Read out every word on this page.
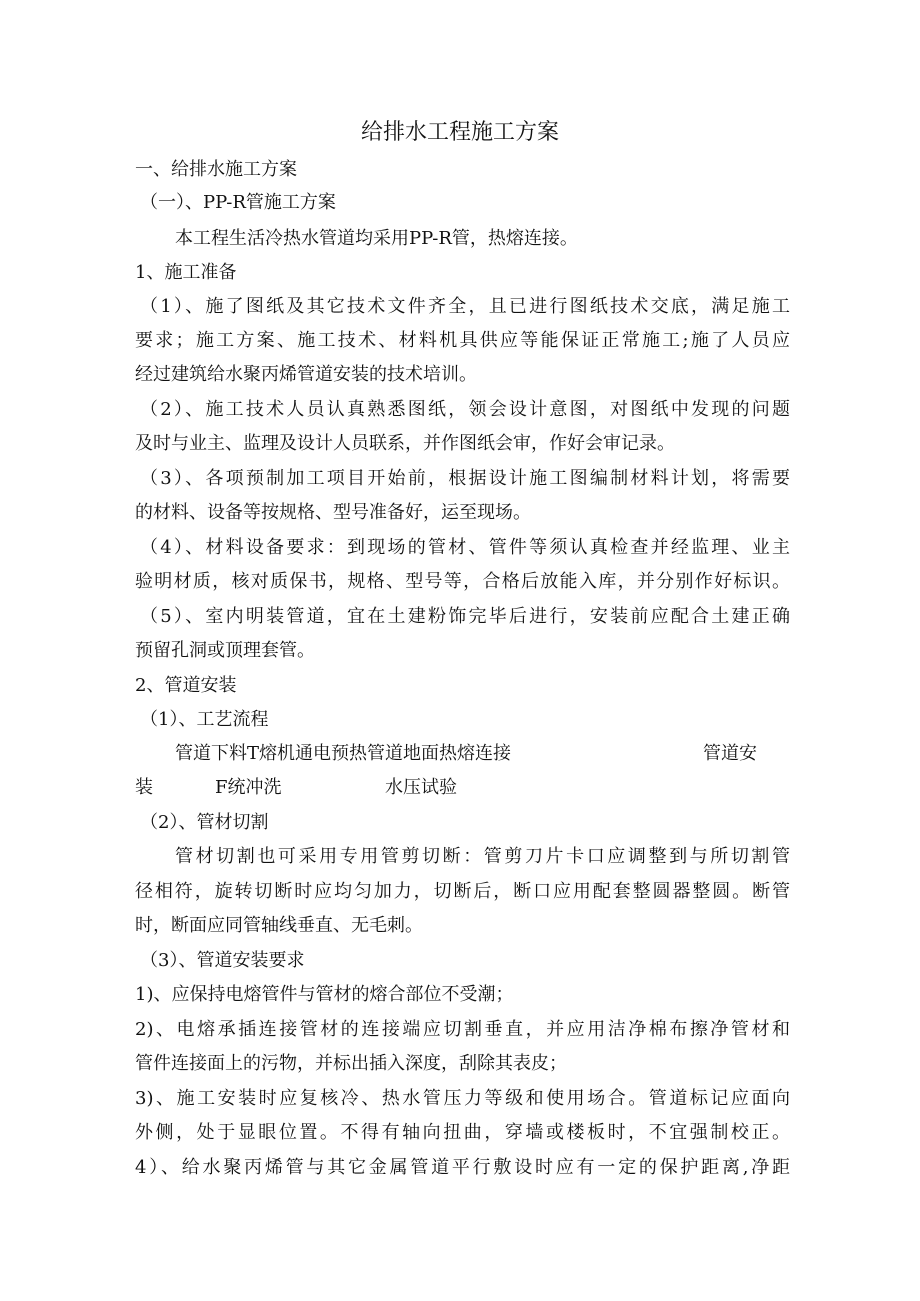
给排水工程施工方案
一、给排水施工方案
（一）、PP-R管施工方案
本工程生活冷热水管道均采用PP-R管，热熔连接。
1、施工准备
（1）、施了图纸及其它技术文件齐全，且已进行图纸技术交底，满足施工
要求；施工方案、施工技术、材料机具供应等能保证正常施工;施了人员应
经过建筑给水聚丙烯管道安装的技术培训。
（2）、施工技术人员认真熟悉图纸，领会设计意图，对图纸中发现的问题
及时与业主、监理及设计人员联系，并作图纸会审，作好会审记录。
（3）、各项预制加工项目开始前，根据设计施工图编制材料计划，将需要
的材料、设备等按规格、型号准备好，运至现场。
（4）、材料设备要求：到现场的管材、管件等须认真检查并经监理、业主
验明材质，核对质保书，规格、型号等，合格后放能入库，并分别作好标识。
（5）、室内明装管道，宜在土建粉饰完毕后进行，安装前应配合土建正确
预留孔洞或顶理套管。
2、管道安装
（1）、工艺流程
管道下料T熔机通电预热管道地面热熔连接	管道安
装	F统冲洗	水压试验
（2）、管材切割
管材切割也可采用专用管剪切断：管剪刀片卡口应调整到与所切割管
径相符，旋转切断时应均匀加力，切断后，断口应用配套整圆器整圆。断管
时，断面应同管轴线垂直、无毛刺。
（3）、管道安装要求
1)、应保持电熔管件与管材的熔合部位不受潮；
2)、电熔承插连接管材的连接端应切割垂直，并应用洁净棉布擦净管材和
管件连接面上的污物，并标出插入深度，刮除其表皮；
3)、施工安装时应复核冷、热水管压力等级和使用场合。管道标记应面向
外侧，处于显眼位置。不得有轴向扭曲，穿墙或楼板时，不宜强制校正。
4）、给水聚丙烯管与其它金属管道平行敷设时应有一定的保护距离,净距
